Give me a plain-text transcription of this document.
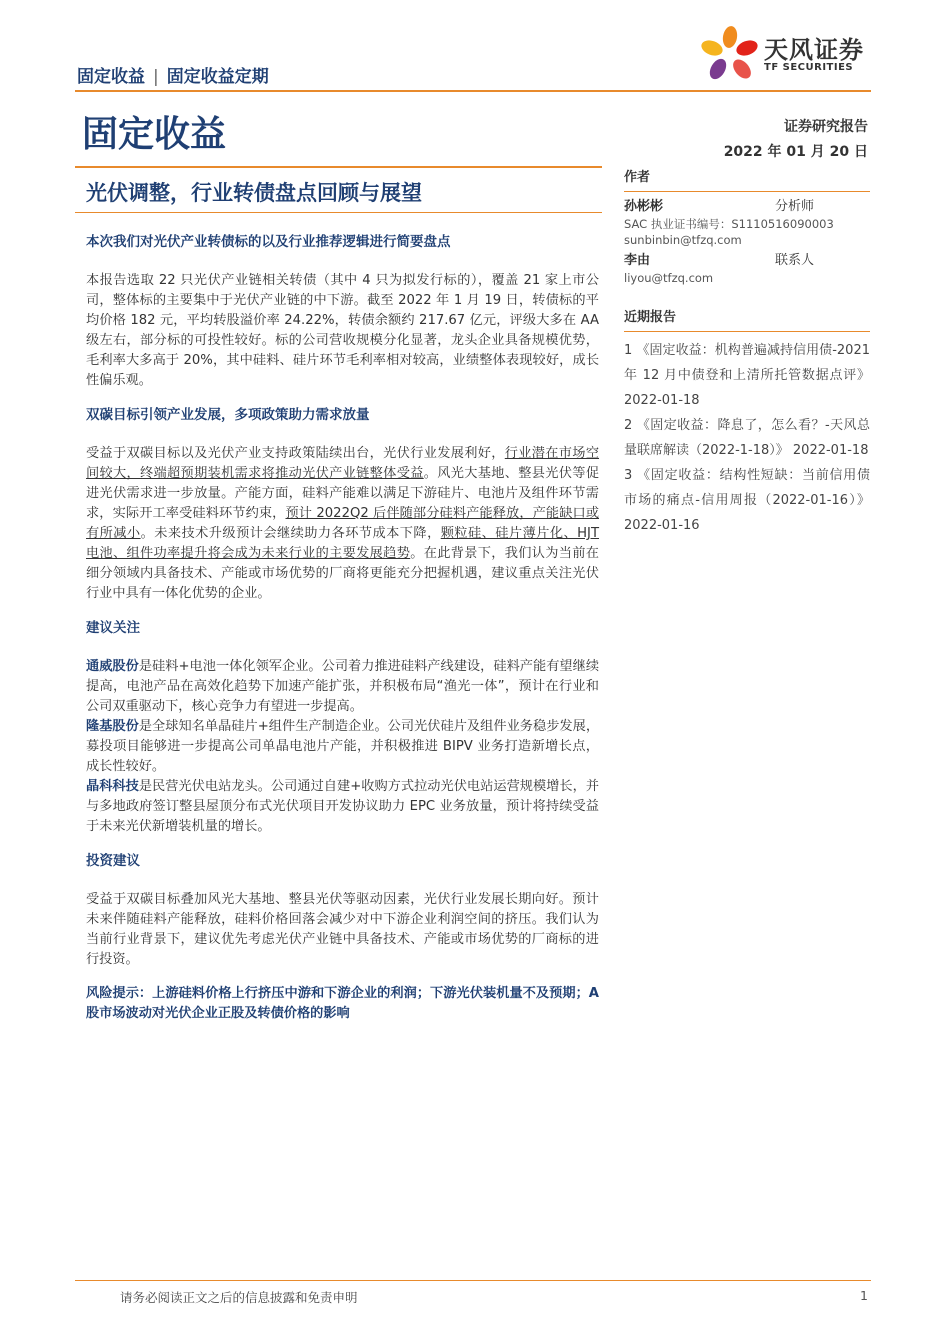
固定收益 | 固定收益定期
天风证券
TF SECURITIES
固定收益	证券研究报告
2022 年 01 月 20 日
光伏调整，行业转债盘点回顾与展望
本次我们对光伏产业转债标的以及行业推荐逻辑进行简要盘点

本报告选取 22 只光伏产业链相关转债（其中 4 只为拟发行标的），覆盖 21 家上市公司，整体标的主要集中于光伏产业链的中下游。截至 2022 年 1 月 19 日，转债标的平均价格 182 元，平均转股溢价率 24.22%，转债余额约 217.67 亿元，评级大多在 AA 级左右，部分标的可投性较好。标的公司营收规模分化显著，龙头企业具备规模优势，毛利率大多高于 20%，其中硅料、硅片环节毛利率相对较高，业绩整体表现较好，成长性偏乐观。

双碳目标引领产业发展，多项政策助力需求放量

受益于双碳目标以及光伏产业支持政策陆续出台，光伏行业发展利好，行业潜在市场空间较大，终端超预期装机需求将推动光伏产业链整体受益。风光大基地、整县光伏等促进光伏需求进一步放量。产能方面，硅料产能难以满足下游硅片、电池片及组件环节需求，实际开工率受硅料环节约束，预计 2022Q2 后伴随部分硅料产能释放，产能缺口或有所减小。未来技术升级预计会继续助力各环节成本下降，颗粒硅、硅片薄片化、HJT 电池、组件功率提升将会成为未来行业的主要发展趋势。在此背景下，我们认为当前在细分领域内具备技术、产能或市场优势的厂商将更能充分把握机遇，建议重点关注光伏行业中具有一体化优势的企业。

建议关注

通威股份是硅料+电池一体化领军企业。公司着力推进硅料产线建设，硅料产能有望继续提高，电池产品在高效化趋势下加速产能扩张，并积极布局“渔光一体”，预计在行业和公司双重驱动下，核心竞争力有望进一步提高。

隆基股份是全球知名单晶硅片+组件生产制造企业。公司光伏硅片及组件业务稳步发展，募投项目能够进一步提高公司单晶电池片产能，并积极推进 BIPV 业务打造新增长点，成长性较好。

晶科科技是民营光伏电站龙头。公司通过自建+收购方式拉动光伏电站运营规模增长，并与多地政府签订整县屋顶分布式光伏项目开发协议助力 EPC 业务放量，预计将持续受益于未来光伏新增装机量的增长。

投资建议

受益于双碳目标叠加风光大基地、整县光伏等驱动因素，光伏行业发展长期向好。预计未来伴随硅料产能释放，硅料价格回落会减少对中下游企业利润空间的挤压。我们认为当前行业背景下，建议优先考虑光伏产业链中具备技术、产能或市场优势的厂商标的进行投资。

风险提示：上游硅料价格上行挤压中游和下游企业的利润；下游光伏装机量不及预期；A 股市场波动对光伏企业正股及转债价格的影响

作者
孙彬彬	分析师
SAC 执业证书编号：S1110516090003
sunbinbin@tfzq.com
李由	联系人
liyou@tfzq.com
近期报告
1 《固定收益：机构普遍减持信用债-2021 年 12 月中债登和上清所托管数据点评》 2022-01-18
2 《固定收益：降息了，怎么看？-天风总量联席解读（2022-1-18）》 2022-01-18
3 《固定收益：结构性短缺：当前信用债市场的痛点-信用周报（2022-01-16）》 2022-01-16
请务必阅读正文之后的信息披露和免责申明	1
